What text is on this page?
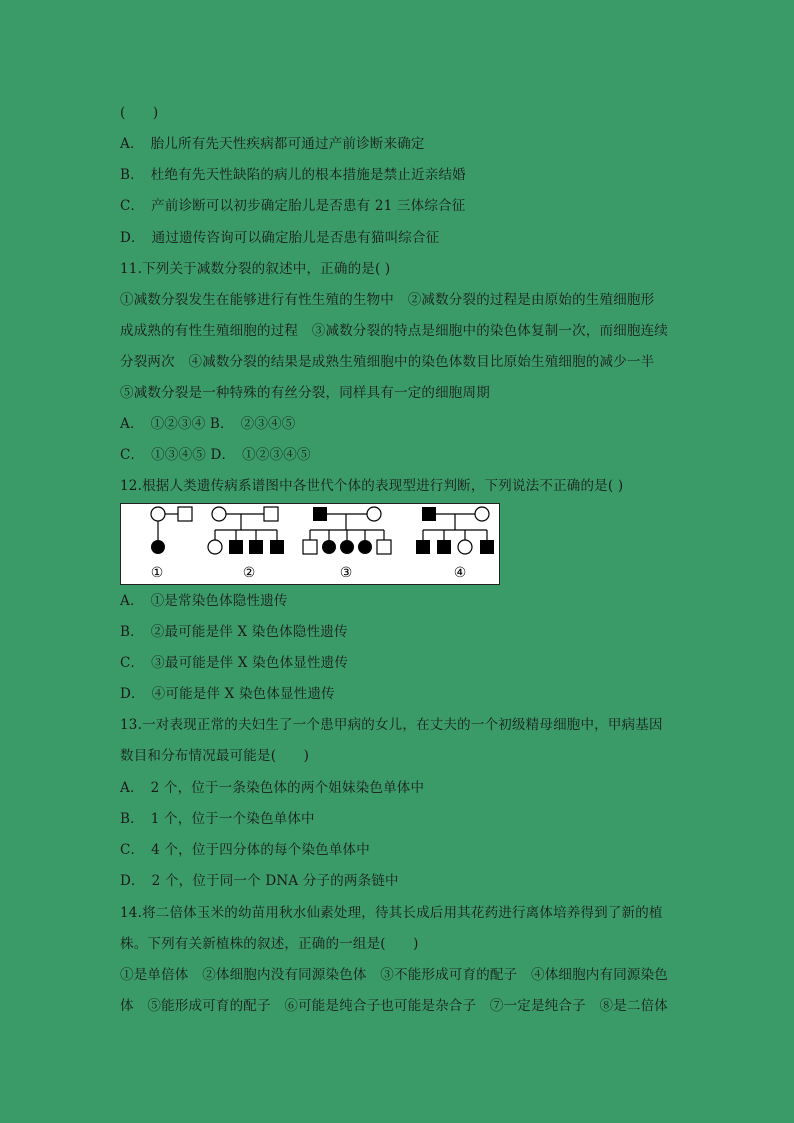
(　　)
A．　胎儿所有先天性疾病都可通过产前诊断来确定
B．　杜绝有先天性缺陷的病儿的根本措施是禁止近亲结婚
C．　产前诊断可以初步确定胎儿是否患有 21 三体综合征
D．　通过遗传咨询可以确定胎儿是否患有猫叫综合征
11.下列关于减数分裂的叙述中，正确的是( )
①减数分裂发生在能够进行有性生殖的生物中　②减数分裂的过程是由原始的生殖细胞形
成成熟的有性生殖细胞的过程　③减数分裂的特点是细胞中的染色体复制一次，而细胞连续
分裂两次　④减数分裂的结果是成熟生殖细胞中的染色体数目比原始生殖细胞的减少一半
⑤减数分裂是一种特殊的有丝分裂，同样具有一定的细胞周期
A．　①②③④ B．　②③④⑤
C．　①③④⑤ D．　①②③④⑤
12.根据人类遗传病系谱图中各世代个体的表现型进行判断，下列说法不正确的是( )
①	②	③	④
A．　①是常染色体隐性遗传
B．　②最可能是伴 X 染色体隐性遗传
C．　③最可能是伴 X 染色体显性遗传
D．　④可能是伴 X 染色体显性遗传
13.一对表现正常的夫妇生了一个患甲病的女儿，在丈夫的一个初级精母细胞中，甲病基因
数目和分布情况最可能是(　　)
A．　2 个，位于一条染色体的两个姐妹染色单体中
B．　1 个，位于一个染色单体中
C．　4 个，位于四分体的每个染色单体中
D．　2 个，位于同一个 DNA 分子的两条链中
14.将二倍体玉米的幼苗用秋水仙素处理，待其长成后用其花药进行离体培养得到了新的植
株。下列有关新植株的叙述，正确的一组是(　　)
①是单倍体　②体细胞内没有同源染色体　③不能形成可育的配子　④体细胞内有同源染色
体　⑤能形成可育的配子　⑥可能是纯合子也可能是杂合子　⑦一定是纯合子　⑧是二倍体
